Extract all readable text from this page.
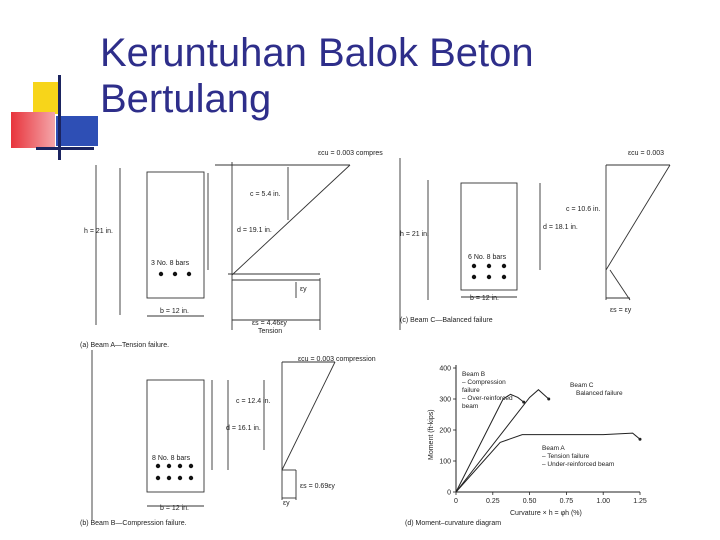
Keruntuhan Balok Beton
Bertulang
εcu = 0.003 compres
c = 5.4 in.
d = 19.1 in.
h = 21 in.
3 No. 8 bars
εy
b = 12 in.
εs = 4.46εy
Tension
(a) Beam A—Tension failure.
εcu = 0.003
c = 10.6 in.
d = 18.1 in.
h = 21 in.
6 No. 8 bars
b = 12 in.
εs = εy
(c) Beam C—Balanced failure
εcu = 0.003 compression
c = 12.4 in.
d = 16.1 in.
8 No. 8 bars
εs = 0.69εy
εy
b = 12 in.
(b) Beam B—Compression failure.
0	0.25	0.50	0.75	1.00	1.25
0
100
200
300
400
Moment (ft-kips)
Curvature × h = φh (%)
(d) Moment–curvature diagram
Beam B
– Compression
failure
– Over-reinforced
beam
Beam C
Balanced failure
Beam A
– Tension failure
– Under-reinforced beam
